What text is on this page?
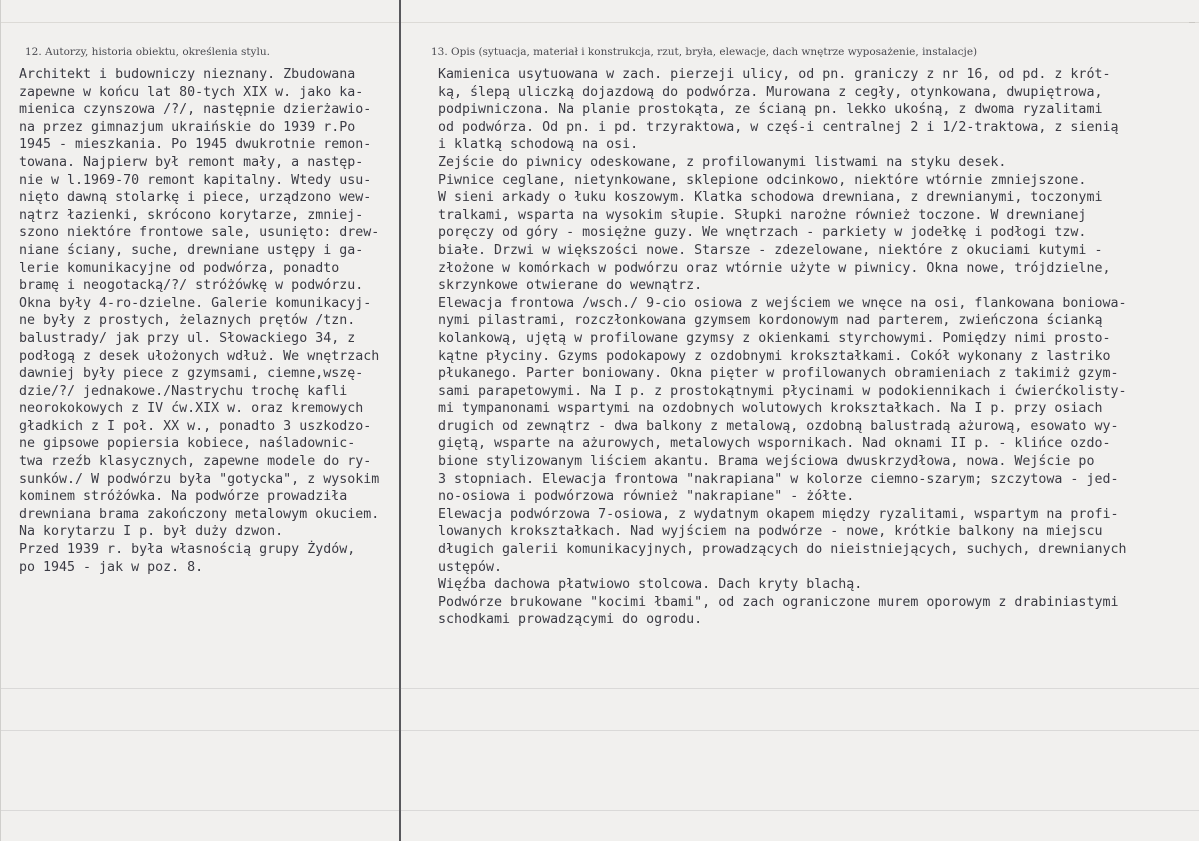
12. Autorzy, historia obiektu, określenia stylu.	13. Opis (sytuacja, materiał i konstrukcja, rzut, bryła, elewacje, dach wnętrze wyposażenie, instalacje)
Architekt i budowniczy nieznany. Zbudowana
zapewne w końcu lat 80-tych XIX w. jako ka-
mienica czynszowa /?/, następnie dzierżawio-
na przez gimnazjum ukraińskie do 1939 r.Po
1945 - mieszkania. Po 1945 dwukrotnie remon-
towana. Najpierw był remont mały, a następ-
nie w l.1969-70 remont kapitalny. Wtedy usu-
nięto dawną stolarkę i piece, urządzono wew-
nątrz łazienki, skrócono korytarze, zmniej-
szono niektóre frontowe sale, usunięto: drew-
niane ściany, suche, drewniane ustępy i ga-
lerie komunikacyjne od podwórza, ponadto
bramę i neogotacką/?/ stróżówkę w podwórzu.
Okna były 4-ro-dzielne. Galerie komunikacyj-
ne były z prostych, żelaznych prętów /tzn.
balustrady/ jak przy ul. Słowackiego 34, z
podłogą z desek ułożonych wdłuż. We wnętrzach
dawniej były piece z gzymsami, ciemne,wszę-
dzie/?/ jednakowe./Nastrychu trochę kafli
neorokokowych z IV ćw.XIX w. oraz kremowych
gładkich z I poł. XX w., ponadto 3 uszkodzo-
ne gipsowe popiersia kobiece, naśladownic-
twa rzeźb klasycznych, zapewne modele do ry-
sunków./ W podwórzu była "gotycka", z wysokim
kominem stróżówka. Na podwórze prowadziła
drewniana brama zakończony metalowym okuciem.
Na korytarzu I p. był duży dzwon.
Przed 1939 r. była własnością grupy Żydów,
po 1945 - jak w poz. 8.
Kamienica usytuowana w zach. pierzeji ulicy, od pn. graniczy z nr 16, od pd. z krót-
ką, ślepą uliczką dojazdową do podwórza. Murowana z cegły, otynkowana, dwupiętrowa,
podpiwniczona. Na planie prostokąta, ze ścianą pn. lekko ukośną, z dwoma ryzalitami
od podwórza. Od pn. i pd. trzyraktowa, w częś-i centralnej 2 i 1/2-traktowa, z sienią
i klatką schodową na osi.
Zejście do piwnicy odeskowane, z profilowanymi listwami na styku desek.
Piwnice ceglane, nietynkowane, sklepione odcinkowo, niektóre wtórnie zmniejszone.
W sieni arkady o łuku koszowym. Klatka schodowa drewniana, z drewnianymi, toczonymi
tralkami, wsparta na wysokim słupie. Słupki narożne również toczone. W drewnianej
poręczy od góry - mosiężne guzy. We wnętrzach - parkiety w jodełkę i podłogi tzw.
białe. Drzwi w większości nowe. Starsze - zdezelowane, niektóre z okuciami kutymi -
złożone w komórkach w podwórzu oraz wtórnie użyte w piwnicy. Okna nowe, trójdzielne,
skrzynkowe otwierane do wewnątrz.
Elewacja frontowa /wsch./ 9-cio osiowa z wejściem we wnęce na osi, flankowana boniowa-
nymi pilastrami, rozczłonkowana gzymsem kordonowym nad parterem, zwieńczona ścianką
kolankową, ujętą w profilowane gzymsy z okienkami styrchowymi. Pomiędzy nimi prosto-
kątne płyciny. Gzyms podokapowy z ozdobnymi krokształkami. Cokół wykonany z lastriko
płukanego. Parter boniowany. Okna pięter w profilowanych obramieniach z takimiż gzym-
sami parapetowymi. Na I p. z prostokątnymi płycinami w podokiennikach i ćwierćkolisty-
mi tympanonami wspartymi na ozdobnych wolutowych krokształkach. Na I p. przy osiach
drugich od zewnątrz - dwa balkony z metalową, ozdobną balustradą ażurową, esowato wy-
giętą, wsparte na ażurowych, metalowych wspornikach. Nad oknami II p. - klińce ozdo-
bione stylizowanym liściem akantu. Brama wejściowa dwuskrzydłowa, nowa. Wejście po
3 stopniach. Elewacja frontowa "nakrapiana" w kolorze ciemno-szarym; szczytowa - jed-
no-osiowa i podwórzowa również "nakrapiane" - żółte.
Elewacja podwórzowa 7-osiowa, z wydatnym okapem między ryzalitami, wspartym na profi-
lowanych krokształkach. Nad wyjściem na podwórze - nowe, krótkie balkony na miejscu
długich galerii komunikacyjnych, prowadzących do nieistniejących, suchych, drewnianych
ustępów.
Więźba dachowa płatwiowo stolcowa. Dach kryty blachą.
Podwórze brukowane "kocimi łbami", od zach ograniczone murem oporowym z drabiniastymi
schodkami prowadzącymi do ogrodu.
